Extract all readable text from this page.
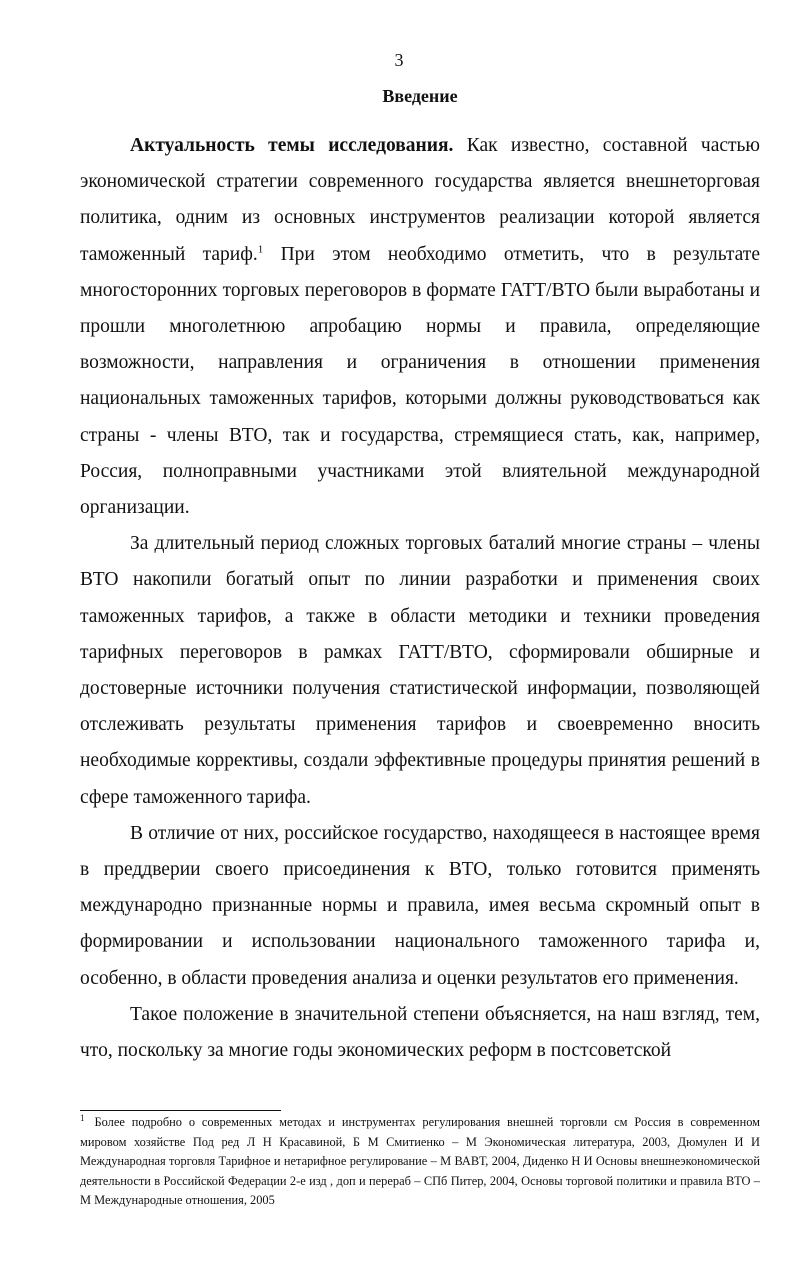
3
Введение

Актуальность темы исследования. Как известно, составной частью экономической стратегии современного государства является внешнеторговая политика, одним из основных инструментов реализации которой является таможенный тариф.$^1$ При этом необходимо отметить, что в результате многосторонних торговых переговоров в формате ГАТТ/ВТО были выработаны и прошли многолетнюю апробацию нормы и правила, определяющие возможности, направления и ограничения в отношении применения национальных таможенных тарифов, которыми должны руководствоваться как страны - члены ВТО, так и государства, стремящиеся стать, как, например, Россия, полноправными участниками этой влиятельной международной организации.

За длительный период сложных торговых баталий многие страны – члены ВТО накопили богатый опыт по линии разработки и применения своих таможенных тарифов, а также в области методики и техники проведения тарифных переговоров в рамках ГАТТ/ВТО, сформировали обширные и достоверные источники получения статистической информации, позволяющей отслеживать результаты применения тарифов и своевременно вносить необходимые коррективы, создали эффективные процедуры принятия решений в сфере таможенного тарифа.

В отличие от них, российское государство, находящееся в настоящее время в преддверии своего присоединения к ВТО, только готовится применять международно признанные нормы и правила, имея весьма скромный опыт в формировании и использовании национального таможенного тарифа и, особенно, в области проведения анализа и оценки результатов его применения.

Такое положение в значительной степени объясняется, на наш взгляд, тем, что, поскольку за многие годы экономических реформ в постсоветской

$^1$ Более подробно о современных методах и инструментах регулирования внешней торговли см Россия в современном мировом хозяйстве Под ред Л Н Красавиной, Б М Смитиенко – М Экономическая литература, 2003, Дюмулен И И Международная торговля Тарифное и нетарифное регулирование – М ВАВТ, 2004, Диденко Н И Основы внешнеэкономической деятельности в Российской Федерации 2-е изд , доп и перераб – СПб Питер, 2004, Основы торговой политики и правила ВТО – М Международные отношения, 2005
